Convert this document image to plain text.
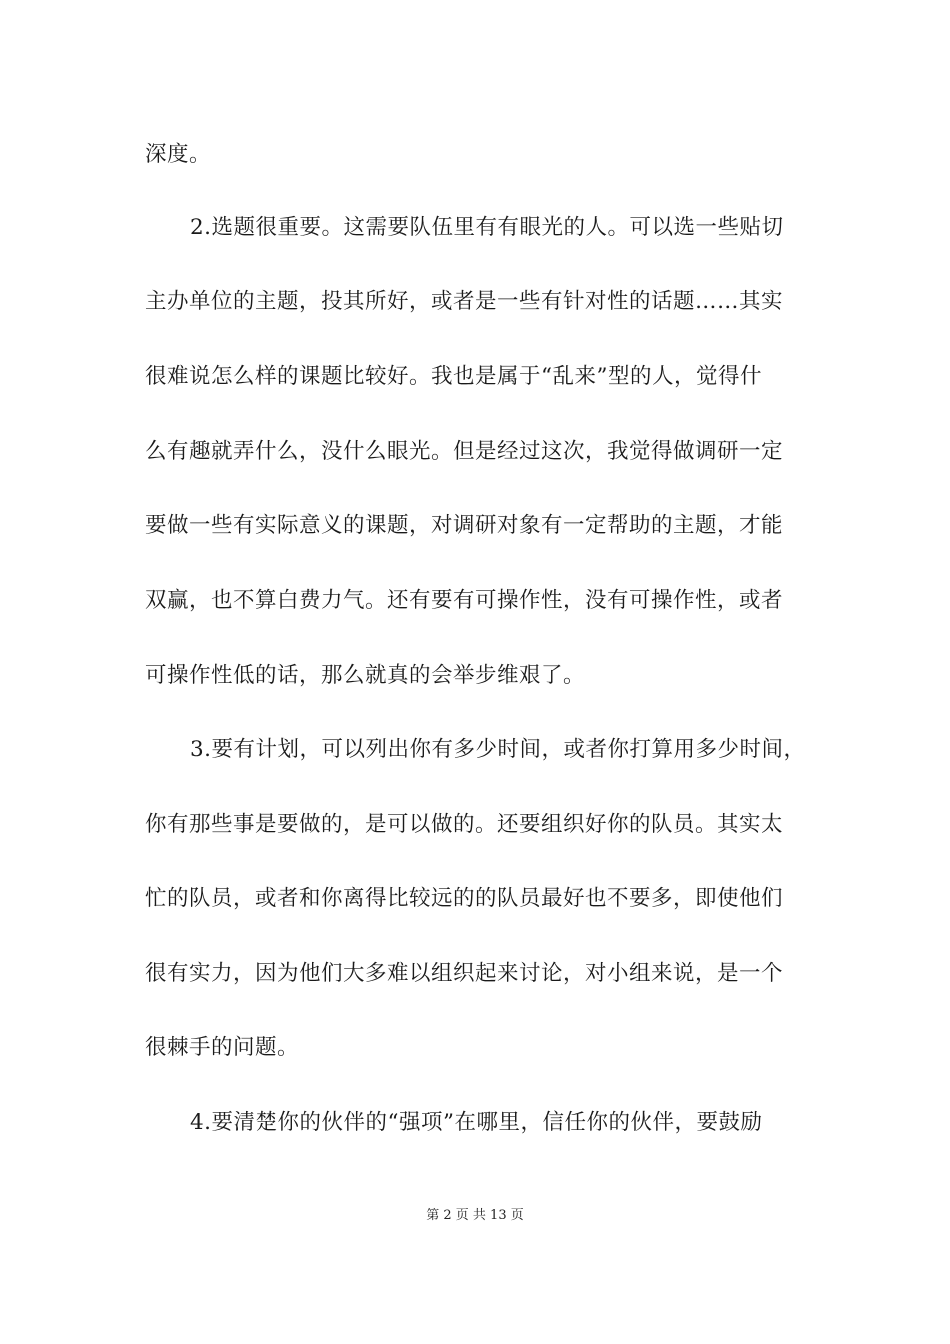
深度。
2.选题很重要。这需要队伍里有有眼光的人。可以选一些贴切
主办单位的主题，投其所好，或者是一些有针对性的话题……其实
很难说怎么样的课题比较好。我也是属于“乱来”型的人，觉得什
么有趣就弄什么，没什么眼光。但是经过这次，我觉得做调研一定
要做一些有实际意义的课题，对调研对象有一定帮助的主题，才能
双赢，也不算白费力气。还有要有可操作性，没有可操作性，或者
可操作性低的话，那么就真的会举步维艰了。
3.要有计划，可以列出你有多少时间，或者你打算用多少时间，
你有那些事是要做的，是可以做的。还要组织好你的队员。其实太
忙的队员，或者和你离得比较远的的队员最好也不要多，即使他们
很有实力，因为他们大多难以组织起来讨论，对小组来说，是一个
很棘手的问题。
4.要清楚你的伙伴的“强项”在哪里，信任你的伙伴，要鼓励
第 2 页 共 13 页
